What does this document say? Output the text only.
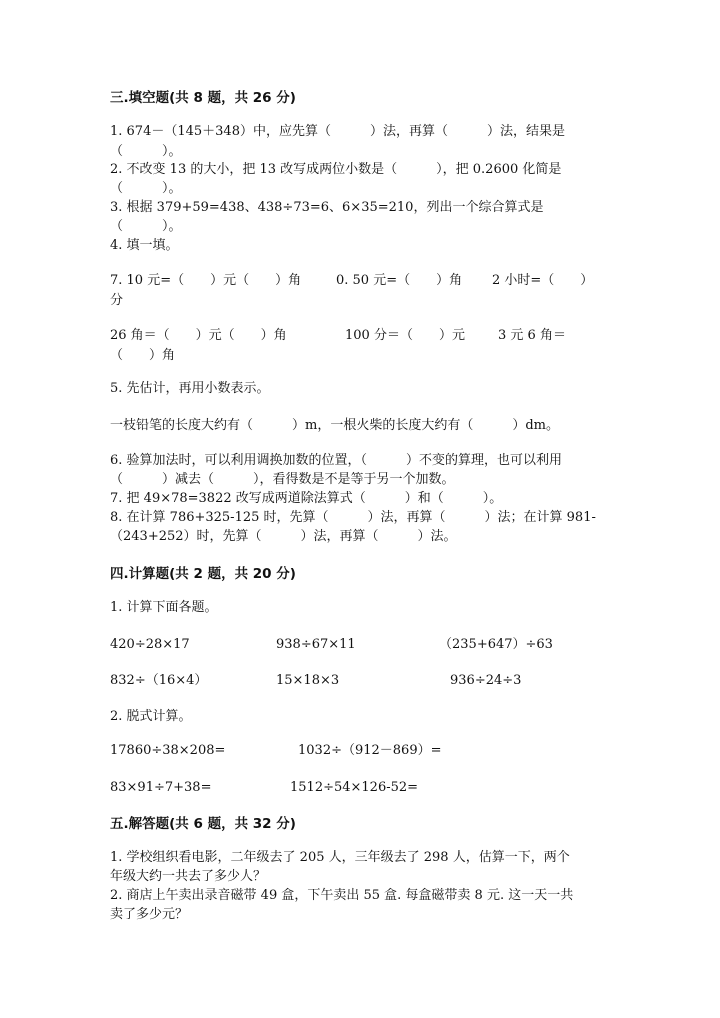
三.填空题(共 8 题，共 26 分)
1. 674－（145＋348）中，应先算（　　　）法，再算（　　　）法，结果是
（　　　）。
2. 不改变 13 的大小，把 13 改写成两位小数是（　　　），把 0.2600 化简是
（　　　）。
3. 根据 379+59=438、438÷73=6、6×35=210，列出一个综合算式是
（　　　）。
4. 填一填。
7. 10 元=（　　）元（　　）角	0. 50 元=（　　）角 2 小时=（　　）
分
26 角＝（　　）元（　　）角	100 分＝（　　）元	3 元 6 角＝
（　　）角
5. 先估计，再用小数表示。
一枝铅笔的长度大约有（　　　）m，一根火柴的长度大约有（　　　）dm。
6. 验算加法时，可以利用调换加数的位置，（　　　）不变的算理，也可以利用
（　　　）减去（　　　），看得数是不是等于另一个加数。
7. 把 49×78=3822 改写成两道除法算式（　　　）和（　　　）。
8. 在计算 786+325-125 时，先算（　　　）法，再算（　　　）法；在计算 981-
（243+252）时，先算（　　　）法，再算（　　　）法。
四.计算题(共 2 题，共 20 分)
1. 计算下面各题。
420÷28×17	938÷67×11	（235+647）÷63
832÷（16×4）	15×18×3	936÷24÷3
2. 脱式计算。
17860÷38×208=	1032÷（912－869）=
83×91÷7+38=	1512÷54×126-52=
五.解答题(共 6 题，共 32 分)
1. 学校组织看电影，二年级去了 205 人，三年级去了 298 人，估算一下，两个
年级大约一共去了多少人？
2. 商店上午卖出录音磁带 49 盒，下午卖出 55 盒. 每盒磁带卖 8 元. 这一天一共
卖了多少元？
